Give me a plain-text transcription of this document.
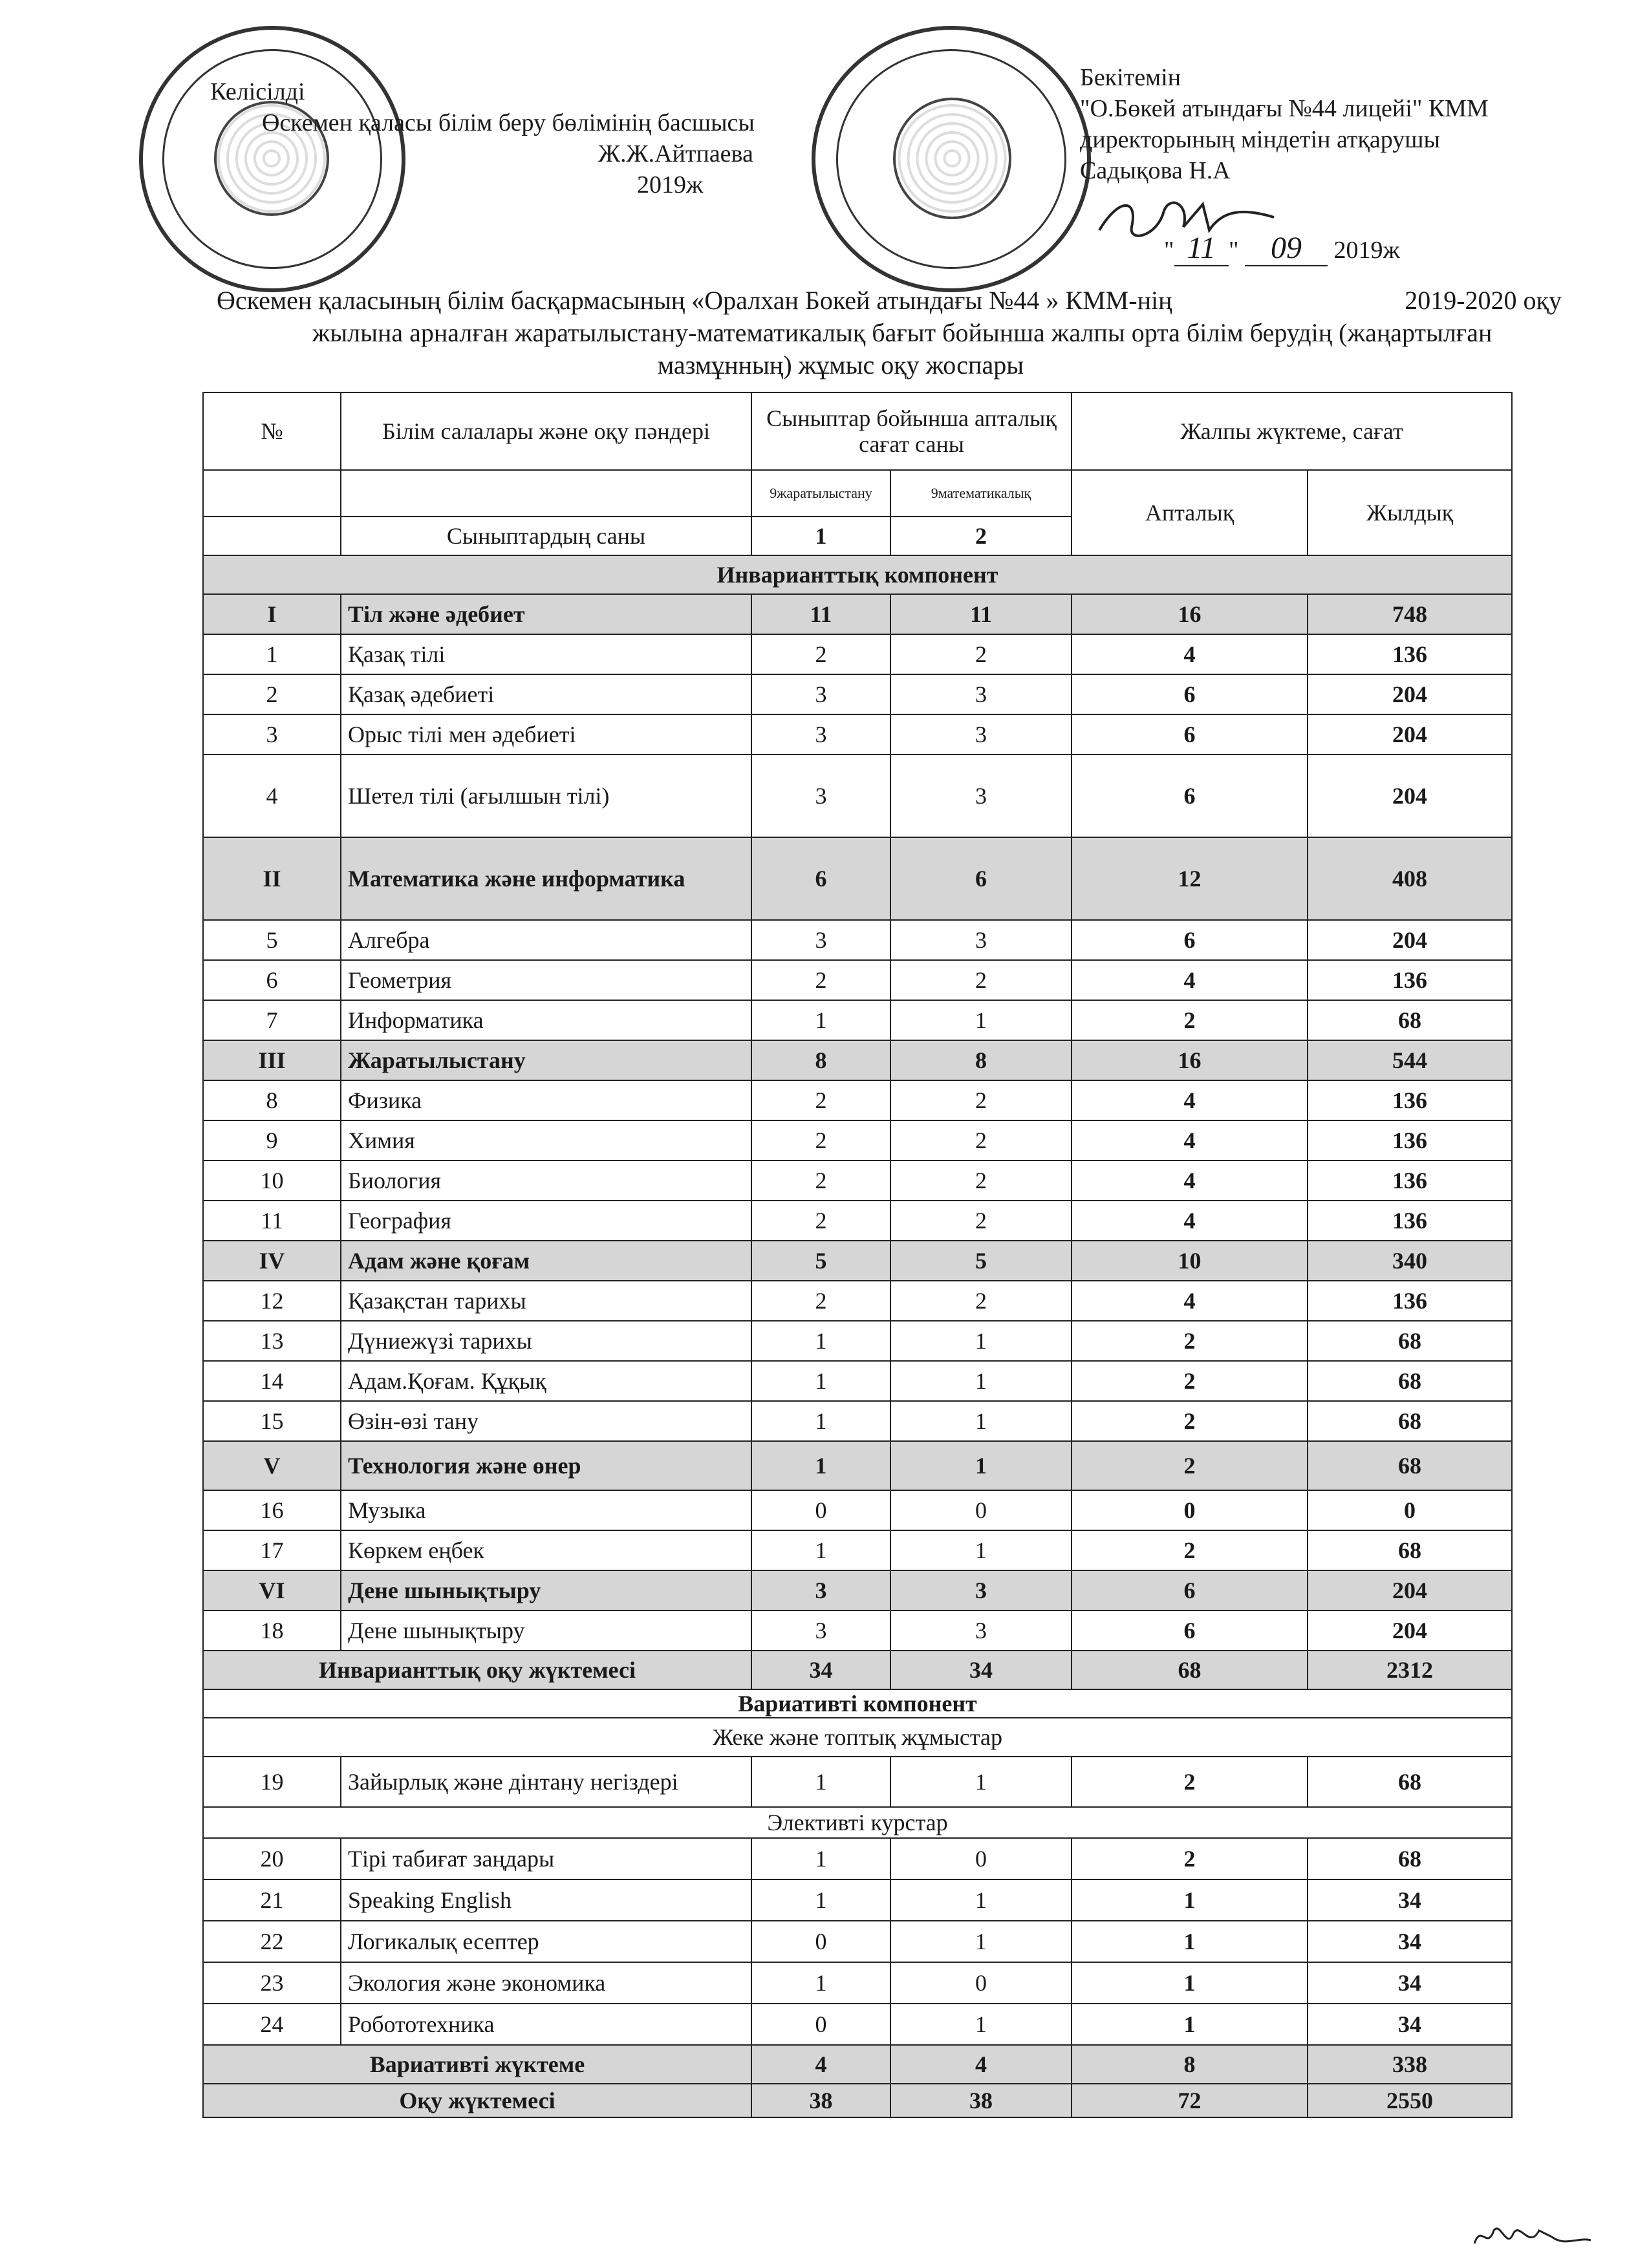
Келісілді
Өскемен қаласы білім беру бөлімінің басшысы
Ж.Ж.Айтпаева
2019ж
Бекітемін
"О.Бөкей атындағы №44 лицейі" КММ
директорының міндетін атқарушы
Садықова Н.А
" 11 " 09 2019ж
Өскемен қаласының білім басқармасының «Оралхан Бокей атындағы №44 » КММ-нің	2019-2020 оқу
жылына арналған жаратылыстану-математикалық бағыт бойынша жалпы орта білім берудің (жаңартылған
мазмұнның) жұмыс оқу жоспары
№	Білім салалары және оқу пәндері	Сыныптар бойынша апталық сағат саны		Жалпы жүктеме, сағат	

		9жаратылыстану	9математикалық	Апталық	Жылдық
	Сыныптардың саны	1	2		
Инварианттық компонент					
I	Тіл және әдебиет	11	11	16	748
1	Қазақ тілі	2	2	4	136
2	Қазақ әдебиеті	3	3	6	204
3	Орыс тілі мен әдебиеті	3	3	6	204
4	Шетел тілі (ағылшын тілі)	3	3	6	204
II	Математика және информатика	6	6	12	408
5	Алгебра	3	3	6	204
6	Геометрия	2	2	4	136
7	Информатика	1	1	2	68
III	Жаратылыстану	8	8	16	544
8	Физика	2	2	4	136
9	Химия	2	2	4	136
10	Биология	2	2	4	136
11	География	2	2	4	136
IV	Адам және қоғам	5	5	10	340
12	Қазақстан тарихы	2	2	4	136
13	Дүниежүзі тарихы	1	1	2	68
14	Адам.Қоғам. Құқық	1	1	2	68
15	Өзін-өзі тану	1	1	2	68
V	Технология және өнер	1	1	2	68
16	Музыка	0	0	0	0
17	Көркем еңбек	1	1	2	68
VI	Дене шынықтыру	3	3	6	204
18	Дене шынықтыру	3	3	6	204
Инварианттық оқу жүктемесі		34	34	68	2312
Вариативті компонент					
Жеке және топтық жұмыстар					
19	Зайырлық және дінтану негіздері	1	1	2	68
Элективті курстар					
20	Тірі табиғат заңдары	1	0	2	68
21	Speaking English	1	1	1	34
22	Логикалық есептер	0	1	1	34
23	Экология және экономика	1	0	1	34
24	Робототехника	0	1	1	34
Вариативті жүктеме		4	4	8	338
Оқу жүктемесі		38	38	72	2550
